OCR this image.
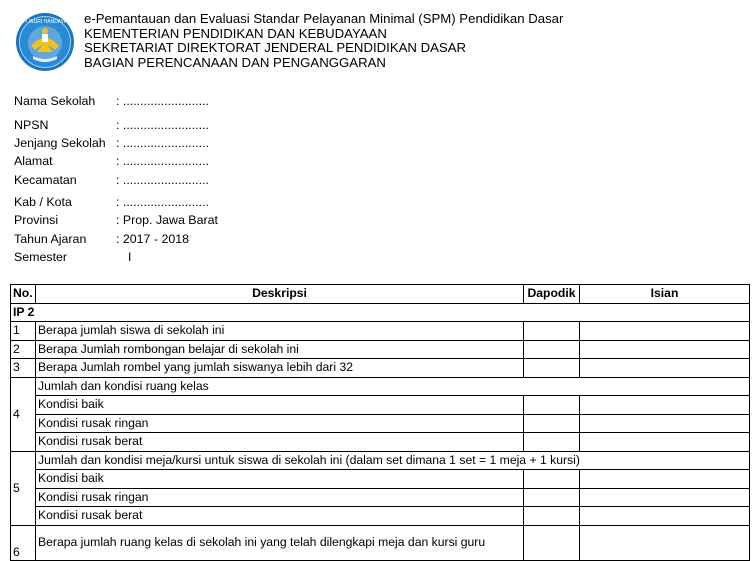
TUT WURI HANDAYANI e-Pemantauan dan Evaluasi Standar Pelayanan Minimal (SPM) Pendidikan Dasar
KEMENTERIAN PENDIDIKAN DAN KEBUDAYAAN
SEKRETARIAT DIREKTORAT JENDERAL PENDIDIKAN DASAR
BAGIAN PERENCANAAN DAN PENGANGGARAN
Nama Sekolah : .........................
NPSN	: .........................
Jenjang Sekolah : .........................
Alamat	: .........................
Kecamatan	: .........................
Kab / Kota	: .........................
Provinsi	: Prop. Jawa Barat
Tahun Ajaran : 2017 - 2018
Semester	I
No.	Deskripsi	Dapodik	Isian
IP 2			
1	Berapa jumlah siswa di sekolah ini		
2	Berapa Jumlah rombongan belajar di sekolah ini		
3	Berapa Jumlah rombel yang jumlah siswanya lebih dari 32		
4	Jumlah dan kondisi ruang kelas		
	Kondisi baik		
	Kondisi rusak ringan		
	Kondisi rusak berat		
5	Jumlah dan kondisi meja/kursi untuk siswa di sekolah ini (dalam set dimana 1 set = 1 meja + 1 kursi)		
	Kondisi baik		
	Kondisi rusak ringan		
	Kondisi rusak berat		
6	Berapa jumlah ruang kelas di sekolah ini yang telah dilengkapi meja dan kursi guru		
